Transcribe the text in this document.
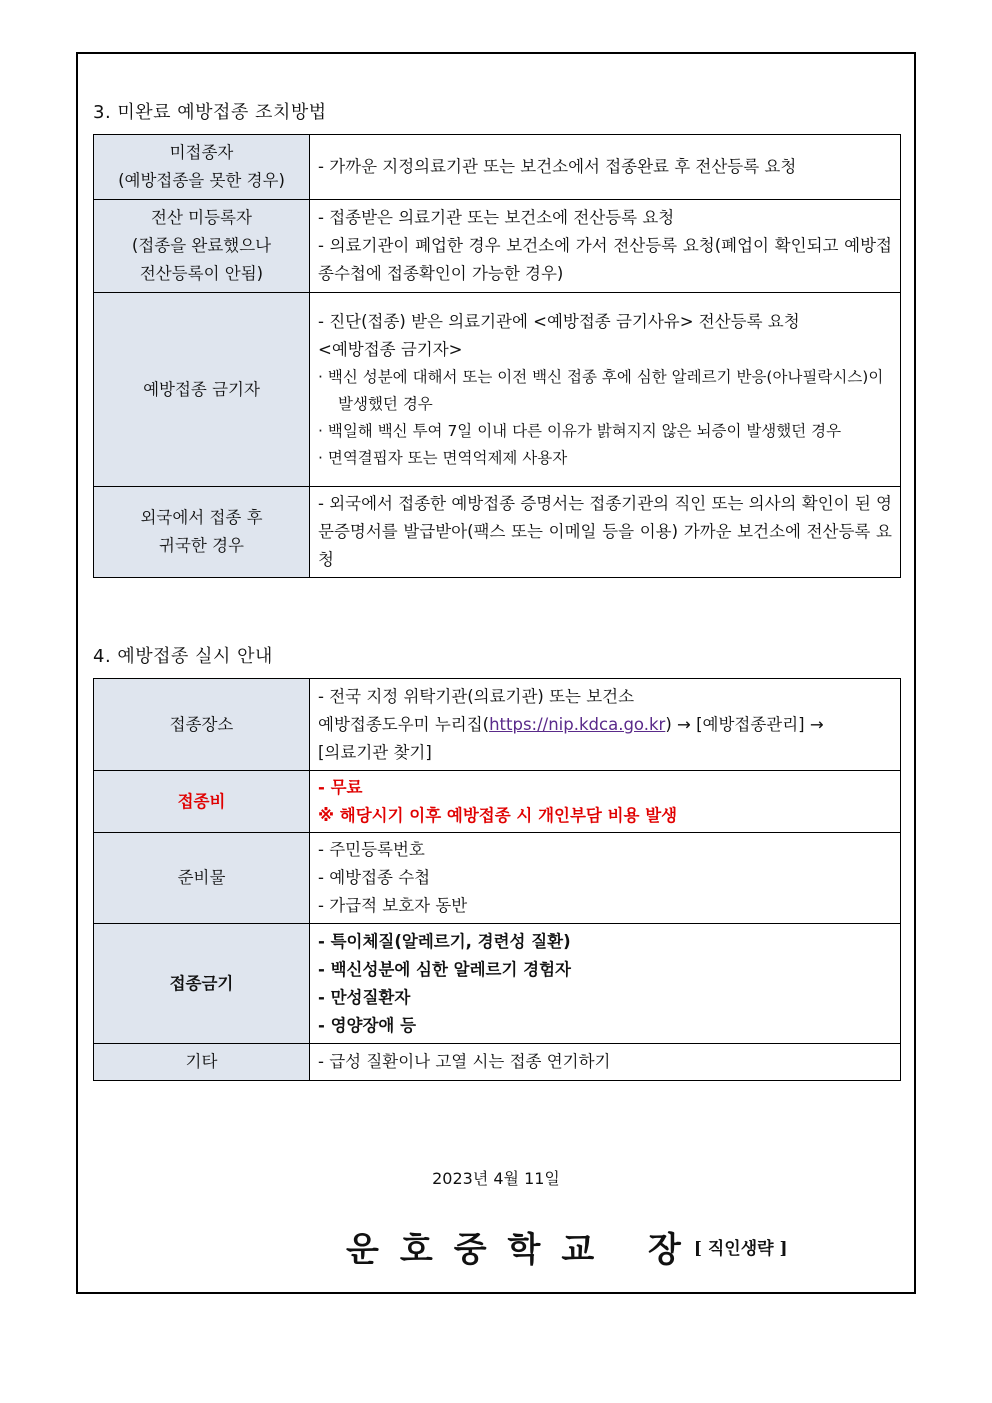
3. 미완료 예방접종 조치방법
미접종자
(예방접종을 못한 경우)	- 가까운 지정의료기관 또는 보건소에서 접종완료 후 전산등록 요청

전산 미등록자
(접종을 완료했으나
전산등록이 안됨)	- 접종받은 의료기관 또는 보건소에 전산등록 요청
- 의료기관이 폐업한 경우 보건소에 가서 전산등록 요청(폐업이 확인되고 예방접종수첩에 접종확인이 가능한 경우)

예방접종 금기자	- 진단(접종) 받은 의료기관에 <예방접종 금기사유> 전산등록 요청
<예방접종 금기자>
· 백신 성분에 대해서 또는 이전 백신 접종 후에 심한 알레르기 반응(아나필락시스)이 발생했던 경우
· 백일해 백신 투여 7일 이내 다른 이유가 밝혀지지 않은 뇌증이 발생했던 경우
· 면역결핍자 또는 면역억제제 사용자

외국에서 접종 후
귀국한 경우	- 외국에서 접종한 예방접종 증명서는 접종기관의 직인 또는 의사의 확인이 된 영문증명서를 발급받아(팩스 또는 이메일 등을 이용) 가까운 보건소에 전산등록 요청
4. 예방접종 실시 안내
접종장소	- 전국 지정 위탁기관(의료기관) 또는 보건소
예방접종도우미 누리집(https://nip.kdca.go.kr) → [예방접종관리] →
[의료기관 찾기]

접종비	- 무료
※ 해당시기 이후 예방접종 시 개인부담 비용 발생

준비물	- 주민등록번호
- 예방접종 수첩
- 가급적 보호자 동반

접종금기	- 특이체질(알레르기, 경련성 질환)
- 백신성분에 심한 알레르기 경험자
- 만성질환자
- 영양장애 등

기타	- 급성 질환이나 고열 시는 접종 연기하기
2023년 4월 11일
운호중학교 장
[ 직인생략 ]
